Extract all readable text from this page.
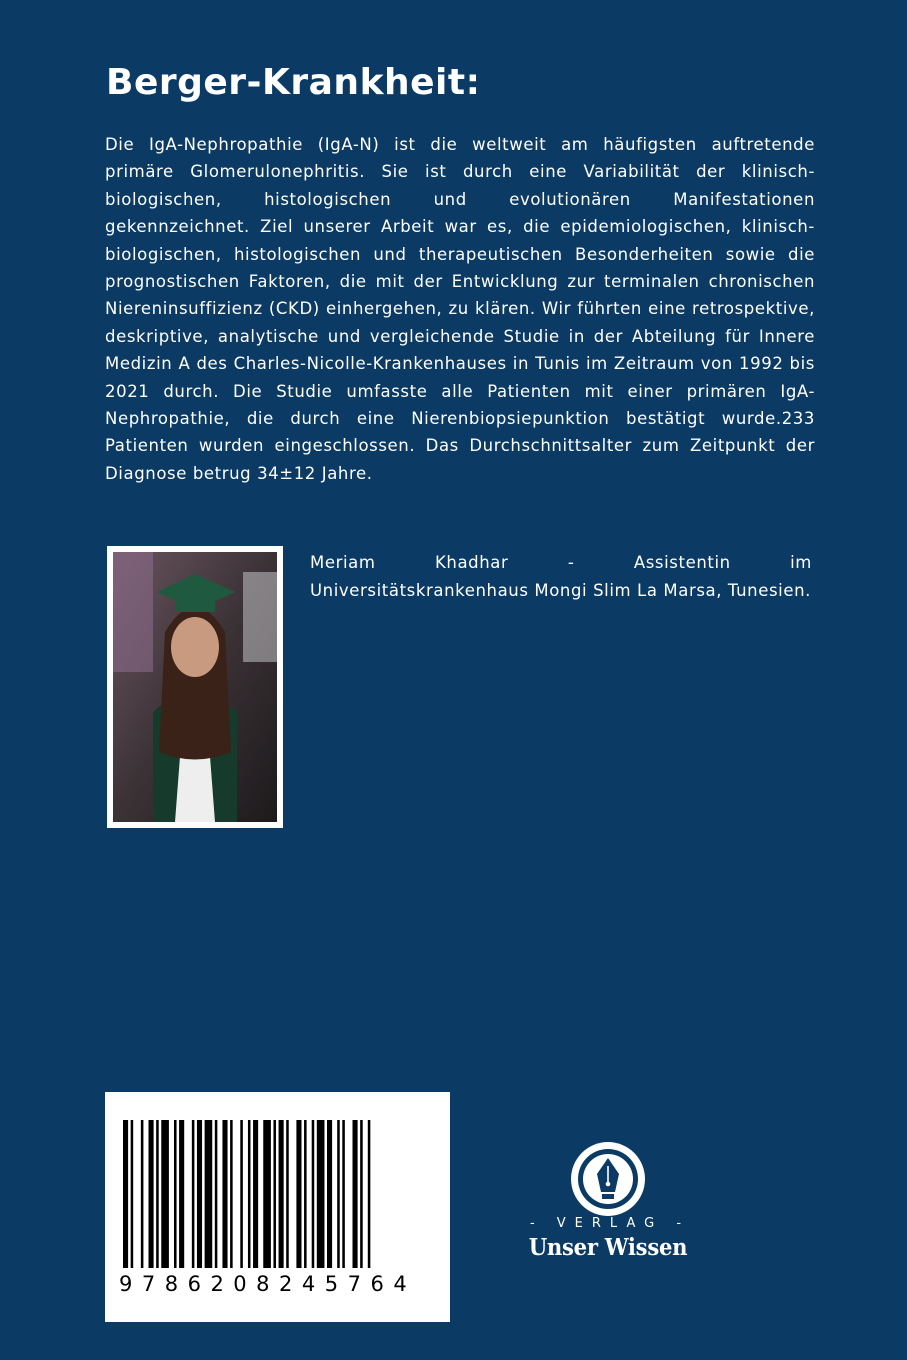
Berger-Krankheit:

Die IgA-Nephropathie (IgA-N) ist die weltweit am häufigsten auftretende primäre Glomerulonephritis. Sie ist durch eine Variabilität der klinisch-biologischen, histologischen und evolutionären Manifestationen gekennzeichnet. Ziel unserer Arbeit war es, die epidemiologischen, klinisch-biologischen, histologischen und therapeutischen Besonderheiten sowie die prognostischen Faktoren, die mit der Entwicklung zur terminalen chronischen Niereninsuffizienz (CKD) einhergehen, zu klären. Wir führten eine retrospektive, deskriptive, analytische und vergleichende Studie in der Abteilung für Innere Medizin A des Charles-Nicolle-Krankenhauses in Tunis im Zeitraum von 1992 bis 2021 durch. Die Studie umfasste alle Patienten mit einer primären IgA-Nephropathie, die durch eine Nierenbiopsiepunktion bestätigt wurde.233 Patienten wurden eingeschlossen. Das Durchschnittsalter zum Zeitpunkt der Diagnose betrug 34±12 Jahre.

Meriam Khadhar - Assistentin im Universitätskrankenhaus Mongi Slim La Marsa, Tunesien.

9786208245764
- VERLAG -
Unser Wissen
